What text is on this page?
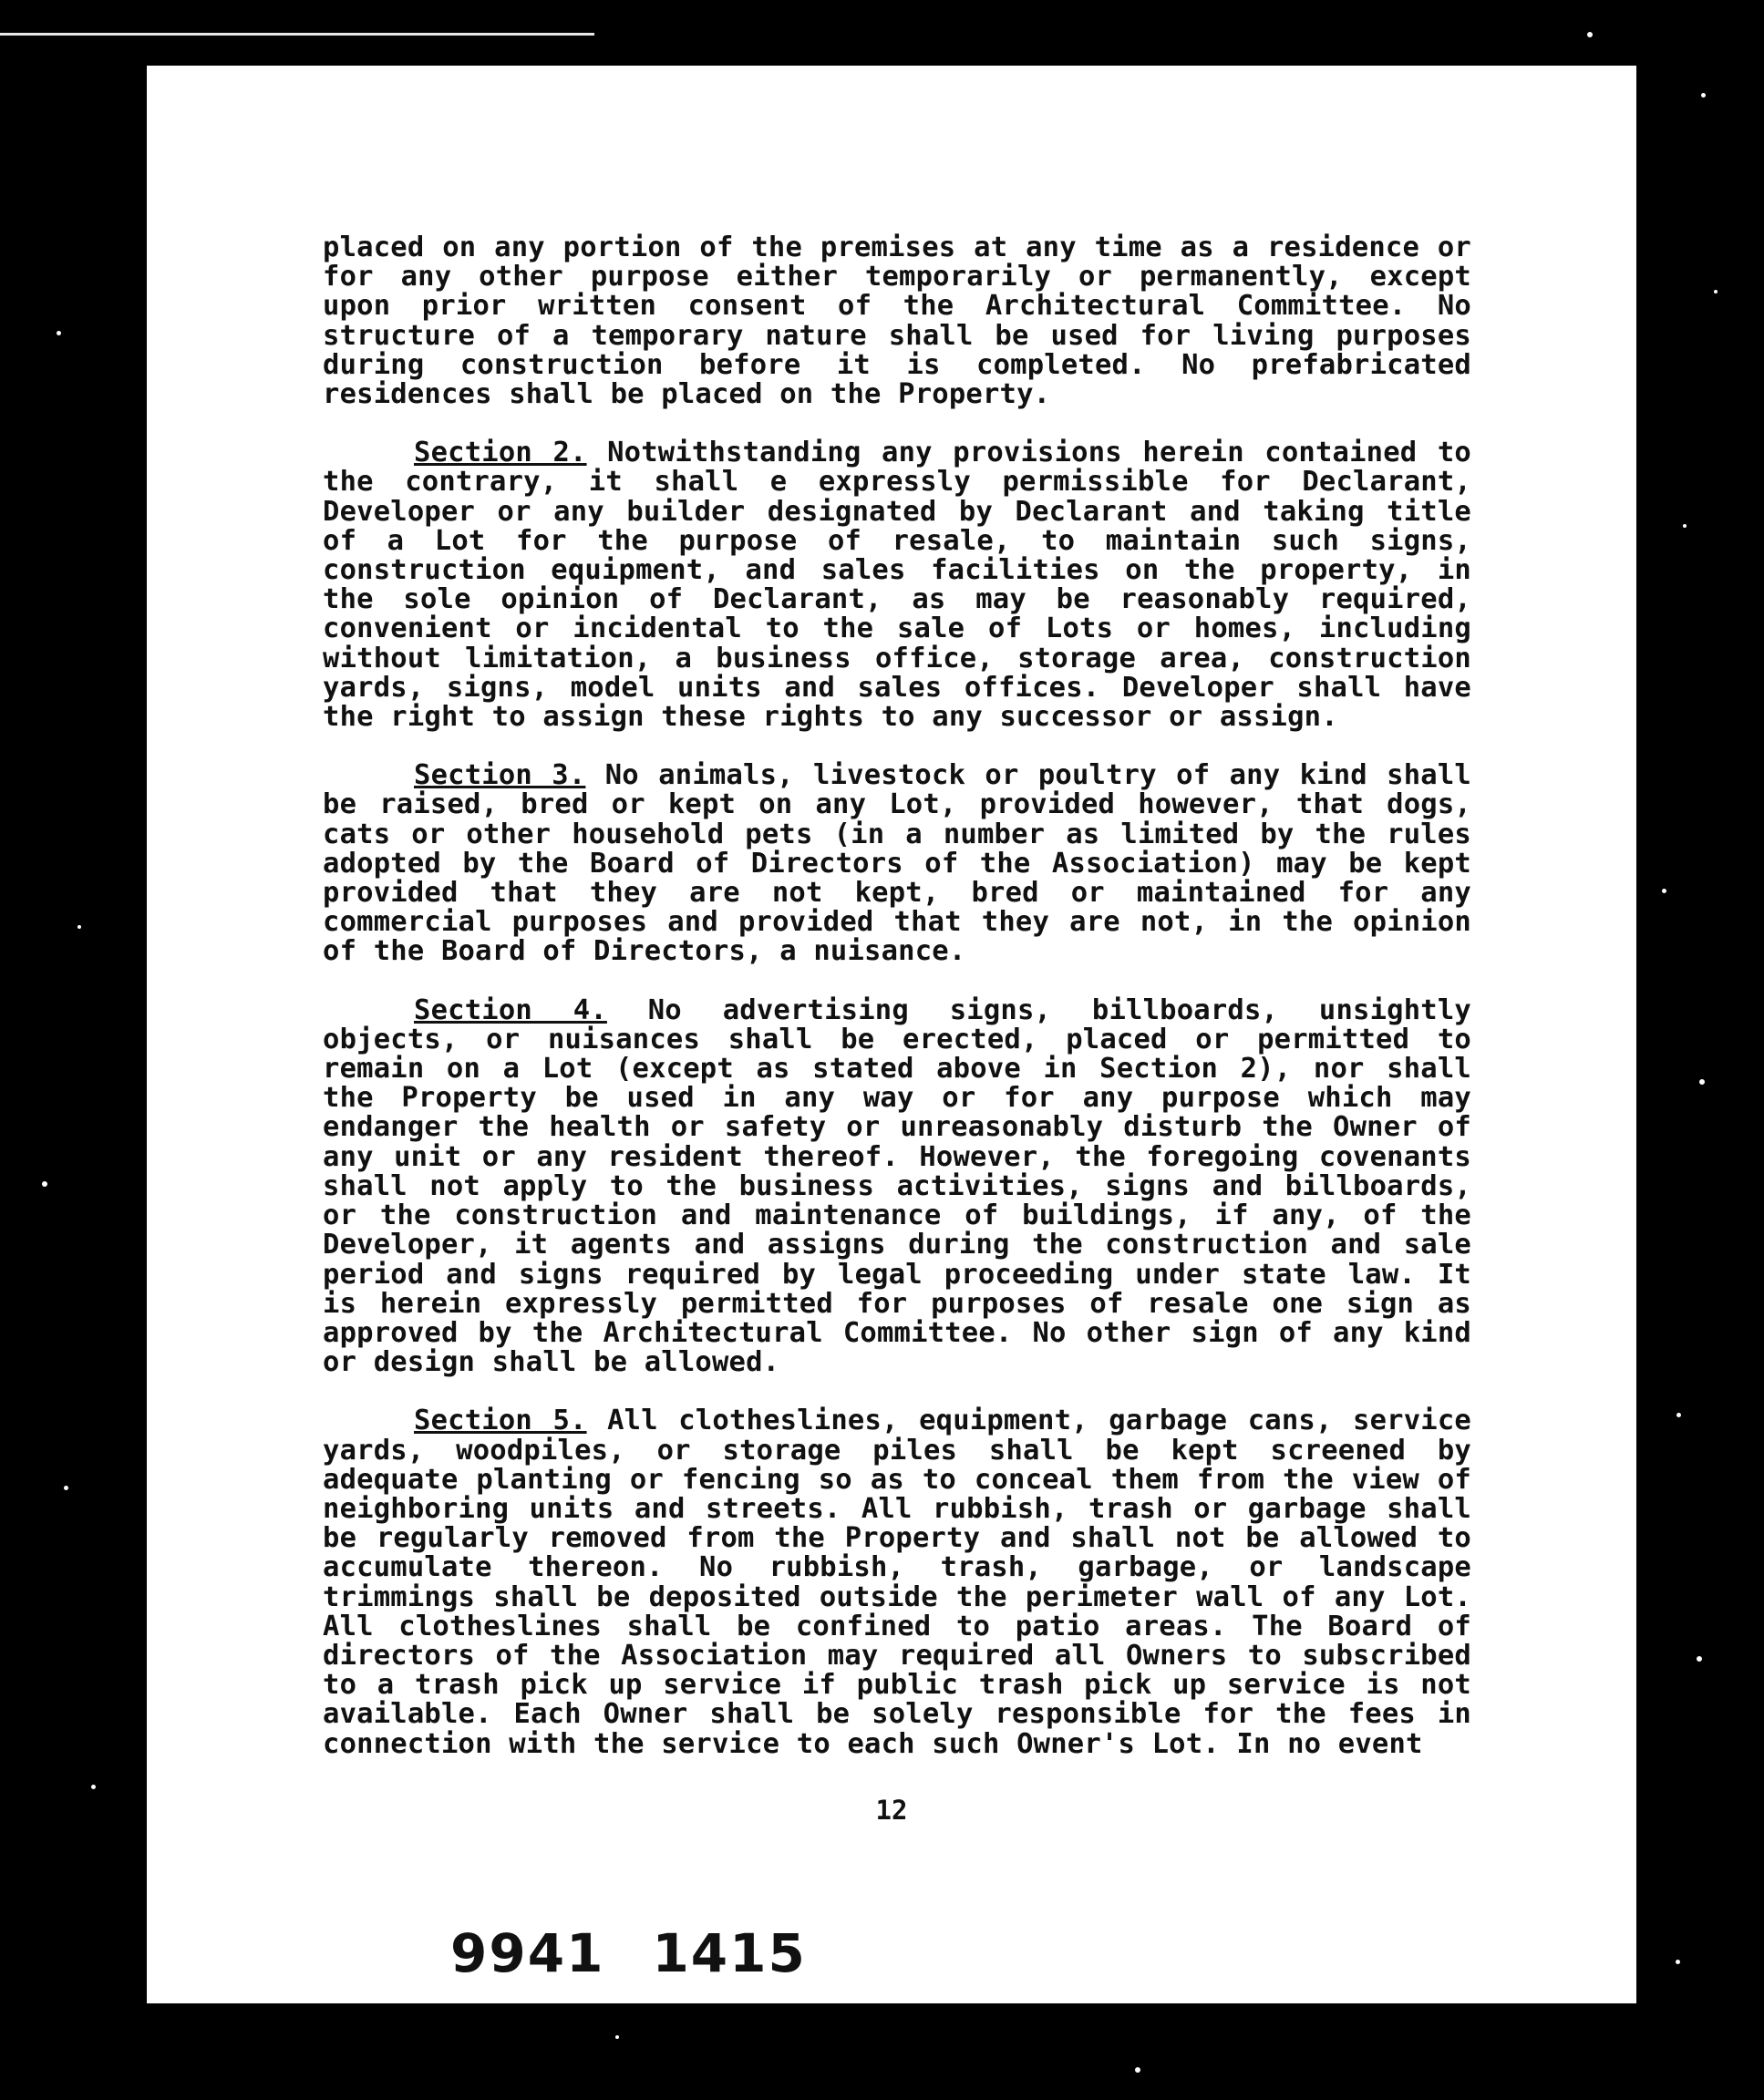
placed on any portion of the premises at any time as a residence or for any other purpose either temporarily or permanently, except upon prior written consent of the Architectural Committee. No structure of a temporary nature shall be used for living purposes during construction before it is completed. No prefabricated residences shall be placed on the Property.

Section 2. Notwithstanding any provisions herein contained to the contrary, it shall e expressly permissible for Declarant, Developer or any builder designated by Declarant and taking title of a Lot for the purpose of resale, to maintain such signs, construction equipment, and sales facilities on the property, in the sole opinion of Declarant, as may be reasonably required, convenient or incidental to the sale of Lots or homes, including without limitation, a business office, storage area, construction yards, signs, model units and sales offices. Developer shall have the right to assign these rights to any successor or assign.

Section 3. No animals, livestock or poultry of any kind shall be raised, bred or kept on any Lot, provided however, that dogs, cats or other household pets (in a number as limited by the rules adopted by the Board of Directors of the Association) may be kept provided that they are not kept, bred or maintained for any commercial purposes and provided that they are not, in the opinion of the Board of Directors, a nuisance.

Section 4. No advertising signs, billboards, unsightly objects, or nuisances shall be erected, placed or permitted to remain on a Lot (except as stated above in Section 2), nor shall the Property be used in any way or for any purpose which may endanger the health or safety or unreasonably disturb the Owner of any unit or any resident thereof. However, the foregoing covenants shall not apply to the business activities, signs and billboards, or the construction and maintenance of buildings, if any, of the Developer, it agents and assigns during the construction and sale period and signs required by legal proceeding under state law. It is herein expressly permitted for purposes of resale one sign as approved by the Architectural Committee. No other sign of any kind or design shall be allowed.

Section 5. All clotheslines, equipment, garbage cans, service yards, woodpiles, or storage piles shall be kept screened by adequate planting or fencing so as to conceal them from the view of neighboring units and streets. All rubbish, trash or garbage shall be regularly removed from the Property and shall not be allowed to accumulate thereon. No rubbish, trash, garbage, or landscape trimmings shall be deposited outside the perimeter wall of any Lot. All clotheslines shall be confined to patio areas. The Board of directors of the Association may required all Owners to subscribed to a trash pick up service if public trash pick up service is not available. Each Owner shall be solely responsible for the fees in connection with the service to each such Owner's Lot. In no event

12
9941 1415
